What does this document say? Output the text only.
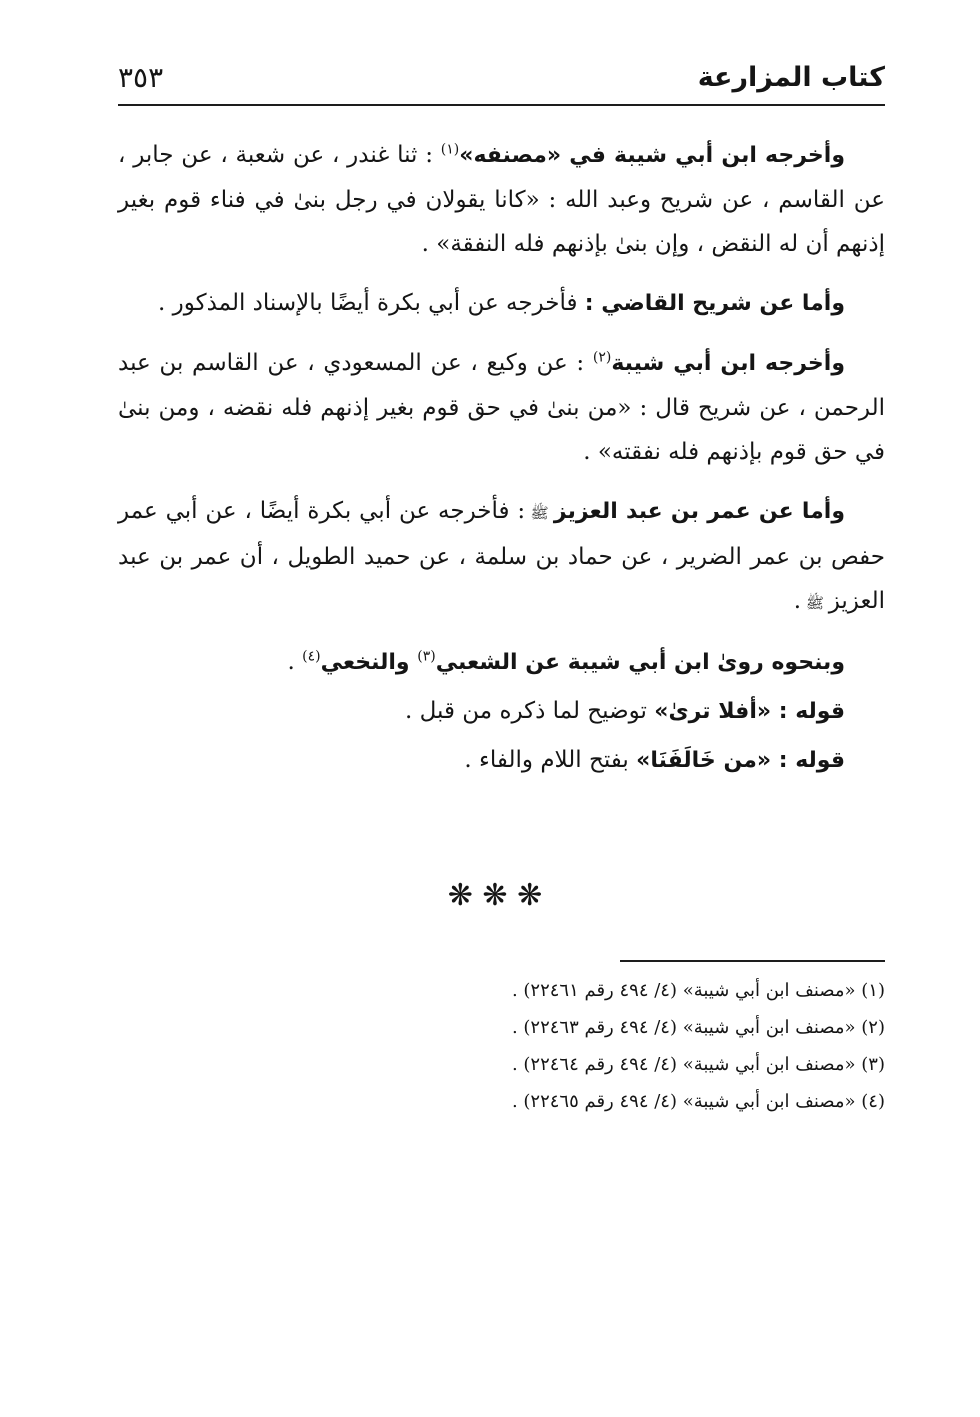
كتاب المزارعة
٣٥٣

وأخرجه ابن أبي شيبة في «مصنفه»$^{(١)}$ : ثنا غندر ، عن شعبة ، عن جابر ، عن القاسم ، عن شريح وعبد الله : «كانا يقولان في رجل بنىٰ في فناء قوم بغير إذنهم أن له النقض ، وإن بنىٰ بإذنهم فله النفقة» .

وأما عن شريح القاضي : فأخرجه عن أبي بكرة أيضًا بالإسناد المذكور .

وأخرجه ابن أبي شيبة$^{(٢)}$ : عن وكيع ، عن المسعودي ، عن القاسم بن عبد الرحمن ، عن شريح قال : «من بنىٰ في حق قوم بغير إذنهم فله نقضه ، ومن بنىٰ في حق قوم بإذنهم فله نفقته» .

وأما عن عمر بن عبد العزيز ﷺ : فأخرجه عن أبي بكرة أيضًا ، عن أبي عمر حفص بن عمر الضرير ، عن حماد بن سلمة ، عن حميد الطويل ، أن عمر بن عبد العزيز ﷺ .

وبنحوه روىٰ ابن أبي شيبة عن الشعبي$^{(٣)}$ والنخعي$^{(٤)}$ .

قوله : «أفلا ترىٰ» توضيح لما ذكره من قبل .

قوله : «من خَالَفَنَا» بفتح اللام والفاء .

❋ ❋ ❋

(١) «مصنف ابن أبي شيبة» (٤/ ٤٩٤ رقم ٢٢٤٦١) .

(٢) «مصنف ابن أبي شيبة» (٤/ ٤٩٤ رقم ٢٢٤٦٣) .

(٣) «مصنف ابن أبي شيبة» (٤/ ٤٩٤ رقم ٢٢٤٦٤) .

(٤) «مصنف ابن أبي شيبة» (٤/ ٤٩٤ رقم ٢٢٤٦٥) .
